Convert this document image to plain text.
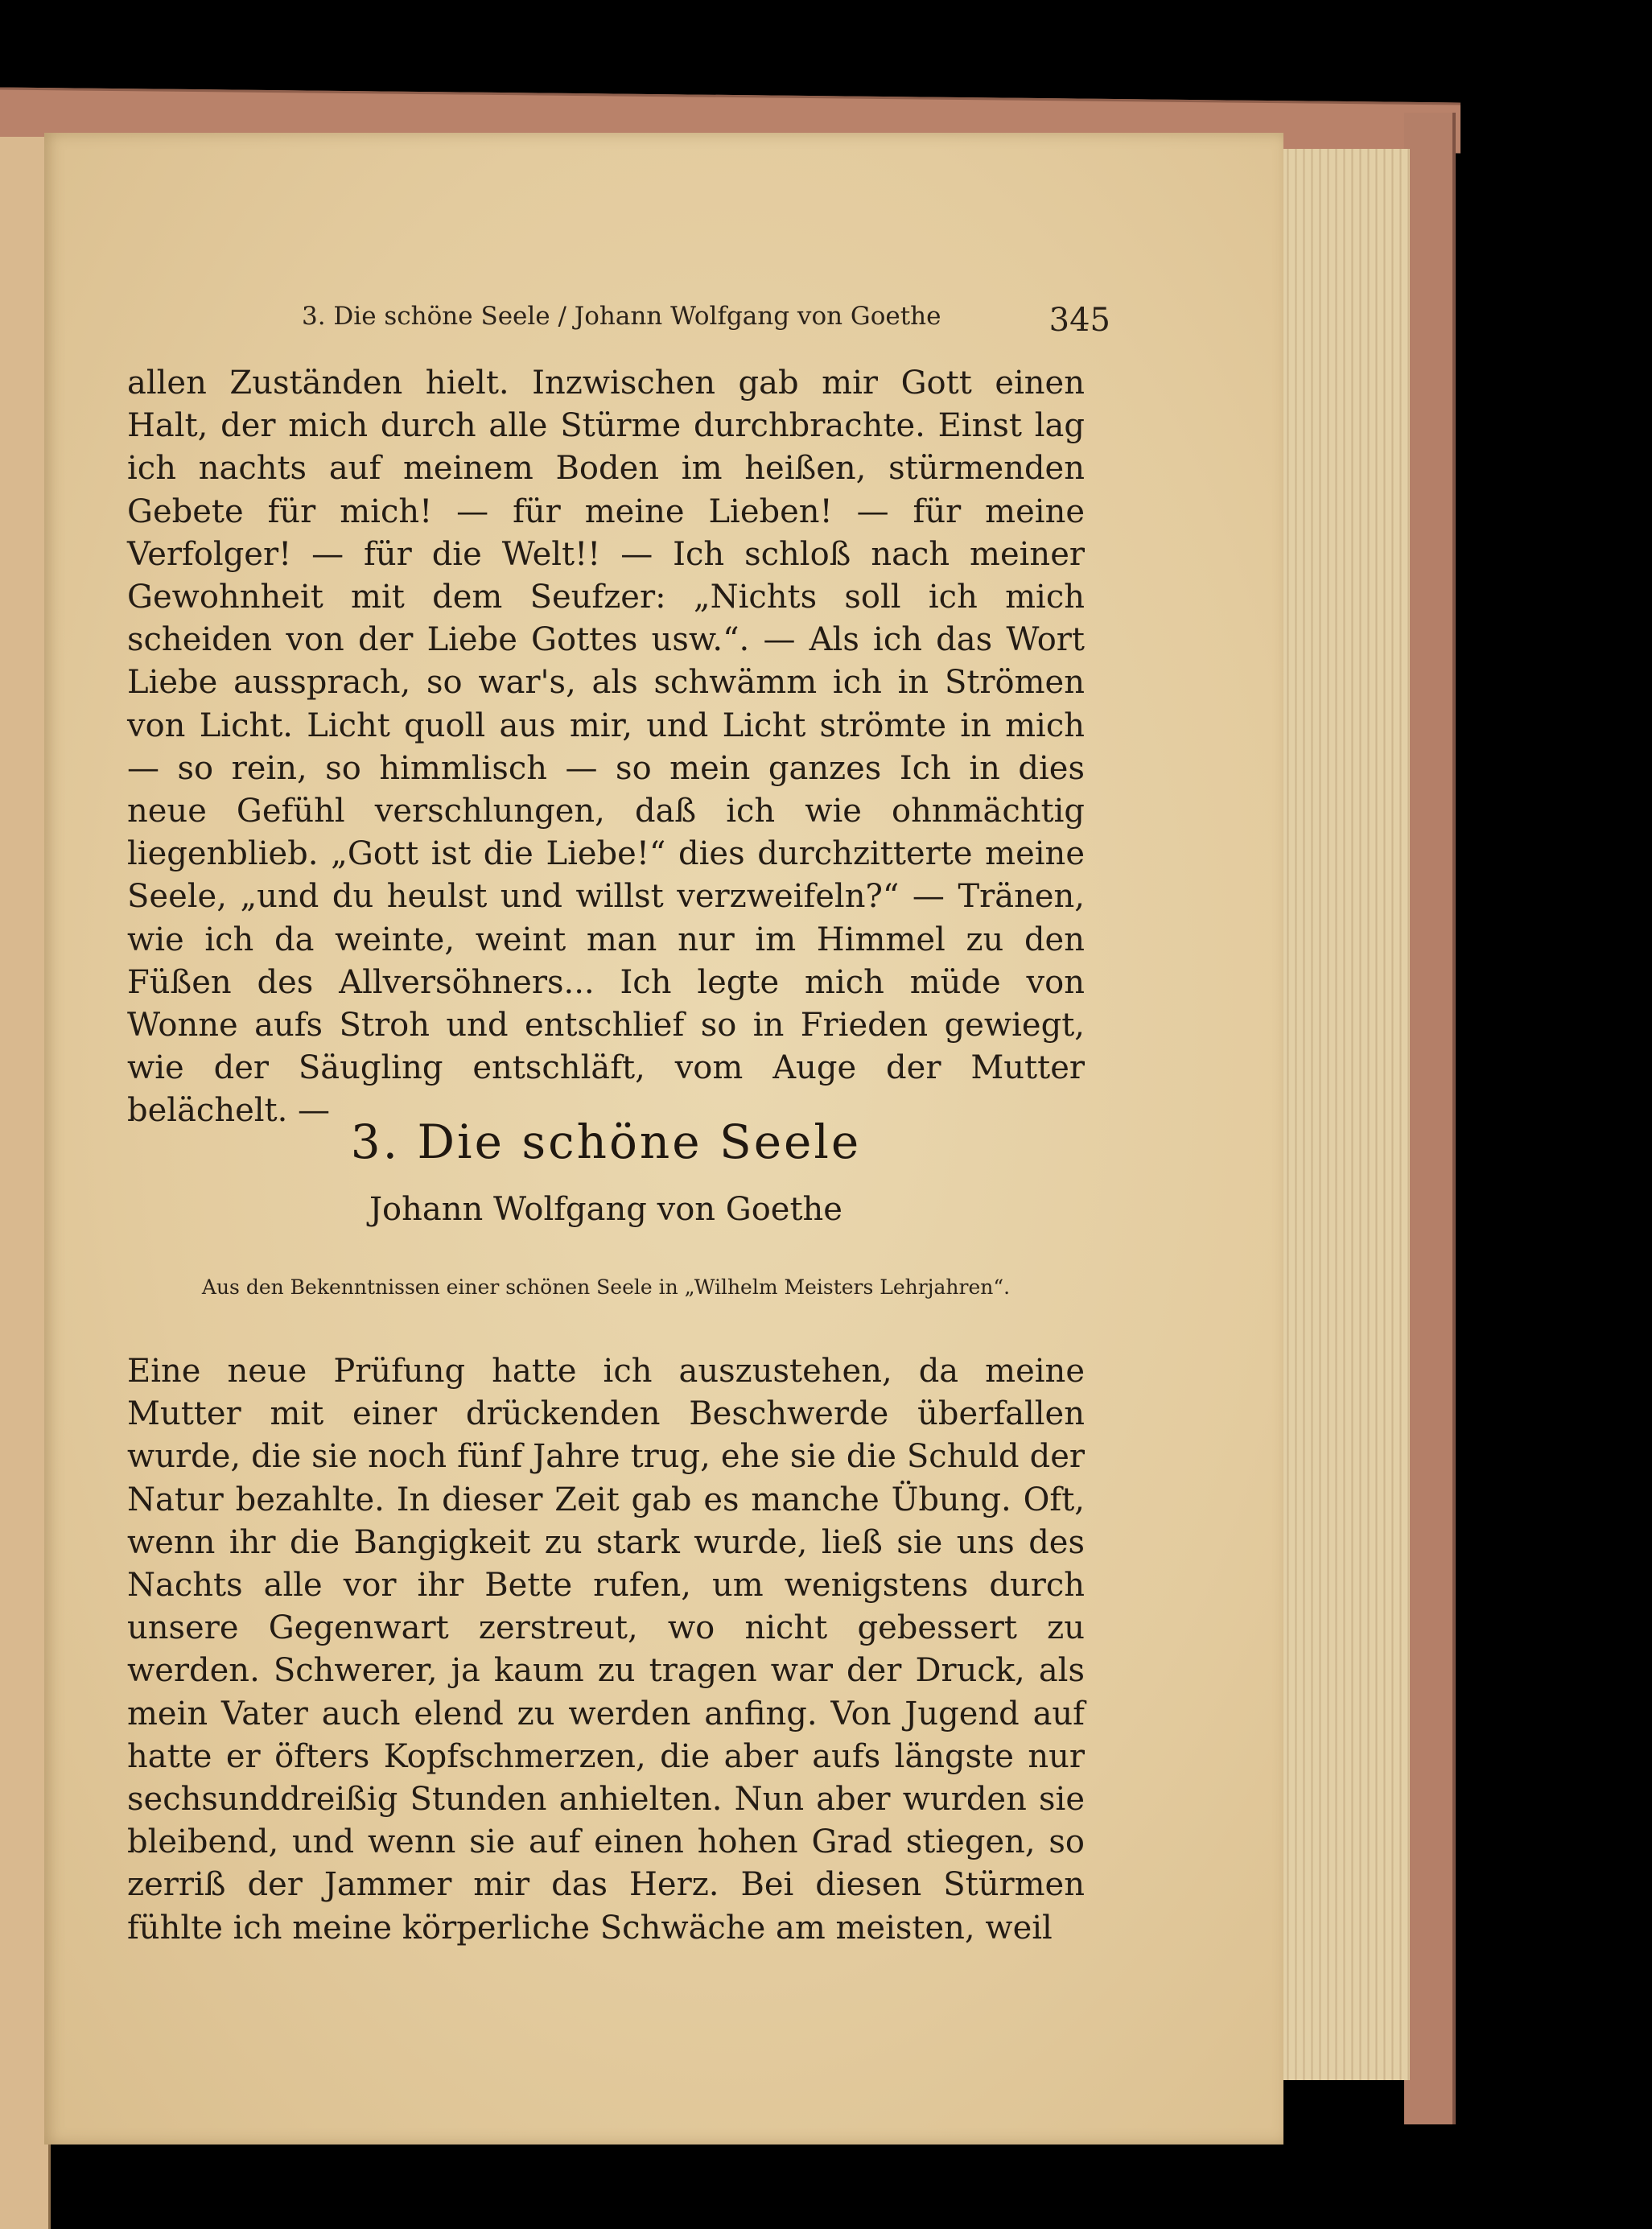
3. Die schöne Seele / Johann Wolfgang von Goethe	345
allen Zuständen hielt. Inzwischen gab mir Gott einen Halt, der mich durch alle Stürme durchbrachte. Einst lag ich nachts auf meinem Boden im heißen, stürmenden Gebete für mich! — für meine Lieben! — für meine Verfolger! — für die Welt!! — Ich schloß nach meiner Gewohnheit mit dem Seufzer: „Nichts soll ich mich scheiden von der Liebe Gottes usw.“. — Als ich das Wort Liebe aussprach, so war's, als schwämm ich in Strömen von Licht. Licht quoll aus mir, und Licht strömte in mich — so rein, so himmlisch — so mein ganzes Ich in dies neue Gefühl verschlungen, daß ich wie ohnmächtig liegenblieb. „Gott ist die Liebe!“ dies durchzitterte meine Seele, „und du heulst und willst verzweifeln?“ — Tränen, wie ich da weinte, weint man nur im Himmel zu den Füßen des Allversöhners... Ich legte mich müde von Wonne aufs Stroh und entschlief so in Frieden gewiegt, wie der Säugling entschläft, vom Auge der Mutter belächelt. —
3. Die schöne Seele
Johann Wolfgang von Goethe
Aus den Bekenntnissen einer schönen Seele in „Wilhelm Meisters Lehrjahren“.
Eine neue Prüfung hatte ich auszustehen, da meine Mutter mit einer drückenden Beschwerde überfallen wurde, die sie noch fünf Jahre trug, ehe sie die Schuld der Natur bezahlte. In dieser Zeit gab es manche Übung. Oft, wenn ihr die Bangigkeit zu stark wurde, ließ sie uns des Nachts alle vor ihr Bette rufen, um wenigstens durch unsere Gegenwart zerstreut, wo nicht gebessert zu werden. Schwerer, ja kaum zu tragen war der Druck, als mein Vater auch elend zu werden anfing. Von Jugend auf hatte er öfters Kopfschmerzen, die aber aufs längste nur sechsunddreißig Stunden anhielten. Nun aber wurden sie bleibend, und wenn sie auf einen hohen Grad stiegen, so zerriß der Jammer mir das Herz. Bei diesen Stürmen fühlte ich meine körperliche Schwäche am meisten, weil
